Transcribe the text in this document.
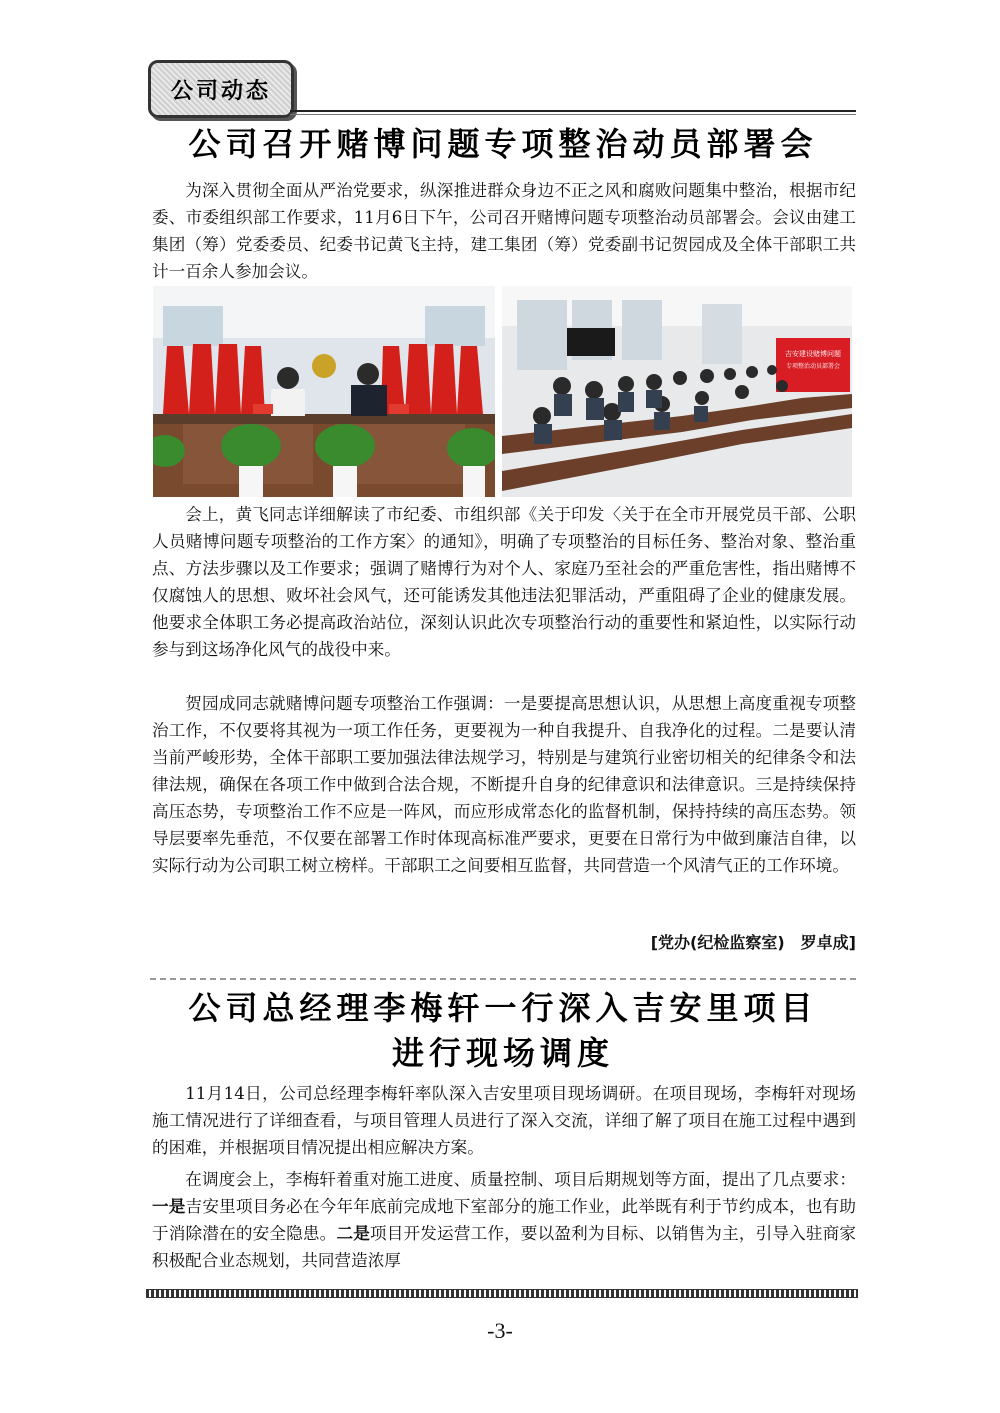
公司动态
公司召开赌博问题专项整治动员部署会

为深入贯彻全面从严治党要求，纵深推进群众身边不正之风和腐败问题集中整治，根据市纪委、市委组织部工作要求，11月6日下午，公司召开赌博问题专项整治动员部署会。会议由建工集团（筹）党委委员、纪委书记黄飞主持，建工集团（筹）党委副书记贺园成及全体干部职工共计一百余人参加会议。

吉安建设赌博问题
专项整治动员部署会

会上，黄飞同志详细解读了市纪委、市组织部《关于印发〈关于在全市开展党员干部、公职人员赌博问题专项整治的工作方案〉的通知》，明确了专项整治的目标任务、整治对象、整治重点、方法步骤以及工作要求；强调了赌博行为对个人、家庭乃至社会的严重危害性，指出赌博不仅腐蚀人的思想、败坏社会风气，还可能诱发其他违法犯罪活动，严重阻碍了企业的健康发展。他要求全体职工务必提高政治站位，深刻认识此次专项整治行动的重要性和紧迫性，以实际行动参与到这场净化风气的战役中来。

贺园成同志就赌博问题专项整治工作强调：一是要提高思想认识，从思想上高度重视专项整治工作，不仅要将其视为一项工作任务，更要视为一种自我提升、自我净化的过程。二是要认清当前严峻形势，全体干部职工要加强法律法规学习，特别是与建筑行业密切相关的纪律条令和法律法规，确保在各项工作中做到合法合规，不断提升自身的纪律意识和法律意识。三是持续保持高压态势，专项整治工作不应是一阵风，而应形成常态化的监督机制，保持持续的高压态势。领导层要率先垂范，不仅要在部署工作时体现高标准严要求，更要在日常行为中做到廉洁自律，以实际行动为公司职工树立榜样。干部职工之间要相互监督，共同营造一个风清气正的工作环境。

[党办(纪检监察室)　罗卓成]
公司总经理李梅轩一行深入吉安里项目
进行现场调度

11月14日，公司总经理李梅轩率队深入吉安里项目现场调研。在项目现场，李梅轩对现场施工情况进行了详细查看，与项目管理人员进行了深入交流，详细了解了项目在施工过程中遇到的困难，并根据项目情况提出相应解决方案。

在调度会上，李梅轩着重对施工进度、质量控制、项目后期规划等方面，提出了几点要求：一是吉安里项目务必在今年年底前完成地下室部分的施工作业，此举既有利于节约成本，也有助于消除潜在的安全隐患。二是项目开发运营工作，要以盈利为目标、以销售为主，引导入驻商家积极配合业态规划，共同营造浓厚

-3-
